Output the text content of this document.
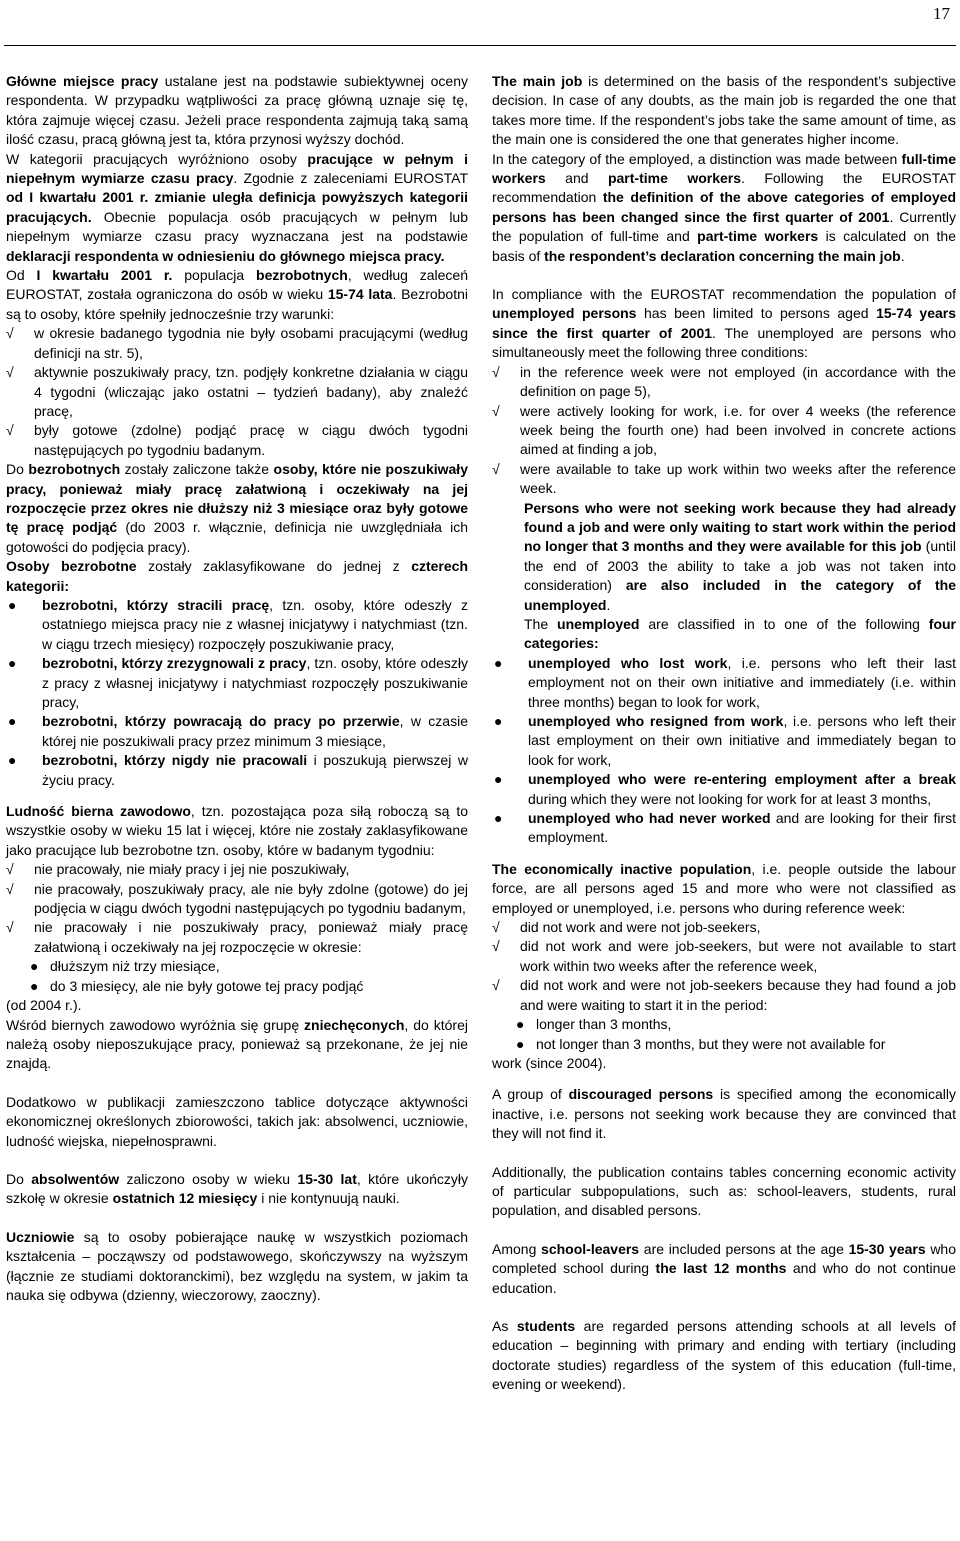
17

Główne miejsce pracy ustalane jest na podstawie subiektywnej oceny respondenta. W przypadku wątpliwości za pracę główną uznaje się tę, która zajmuje więcej czasu. Jeżeli prace respondenta zajmują taką samą ilość czasu, pracą główną jest ta, która przynosi wyższy dochód.

W kategorii pracujących wyróżniono osoby pracujące w pełnym i niepełnym wymiarze czasu pracy. Zgodnie z zaleceniami EUROSTAT od I kwartału 2001 r. zmianie uległa definicja powyższych kategorii pracujących. Obecnie populacja osób pracujących w pełnym lub niepełnym wymiarze czasu pracy wyznaczana jest na podstawie deklaracji respondenta w odniesieniu do głównego miejsca pracy.

Od I kwartału 2001 r. populacja bezrobotnych, według zaleceń EUROSTAT, została ograniczona do osób w wieku 15-74 lata. Bezrobotni są to osoby, które spełniły jednocześnie trzy warunki:

√	w okresie badanego tygodnia nie były osobami pracującymi (według definicji na str. 5),
√	aktywnie poszukiwały pracy, tzn. podjęły konkretne działania w ciągu 4 tygodni (wliczając jako ostatni – tydzień badany), aby znaleźć pracę,
√	były gotowe (zdolne) podjąć pracę w ciągu dwóch tygodni następujących po tygodniu badanym.

Do bezrobotnych zostały zaliczone także osoby, które nie poszukiwały pracy, ponieważ miały pracę załatwioną i oczekiwały na jej rozpoczęcie przez okres nie dłuższy niż 3 miesiące oraz były gotowe tę pracę podjąć (do 2003 r. włącznie, definicja nie uwzględniała ich gotowości do podjęcia pracy).

Osoby bezrobotne zostały zaklasyfikowane do jednej z czterech kategorii:

● bezrobotni, którzy stracili pracę, tzn. osoby, które odeszły z ostatniego miejsca pracy nie z własnej inicjatywy i natychmiast (tzn. w ciągu trzech miesięcy) rozpoczęły poszukiwanie pracy,
● bezrobotni, którzy zrezygnowali z pracy, tzn. osoby, które odeszły z pracy z własnej inicjatywy i natychmiast rozpoczęły poszukiwanie pracy,
● bezrobotni, którzy powracają do pracy po przerwie, w czasie której nie poszukiwali pracy przez minimum 3 miesiące,
● bezrobotni, którzy nigdy nie pracowali i poszukują pierwszej w życiu pracy.

Ludność bierna zawodowo, tzn. pozostająca poza siłą roboczą są to wszystkie osoby w wieku 15 lat i więcej, które nie zostały zaklasyfikowane jako pracujące lub bezrobotne tzn. osoby, które w badanym tygodniu:

√	nie pracowały, nie miały pracy i jej nie poszukiwały,
√	nie pracowały, poszukiwały pracy, ale nie były zdolne (gotowe) do jej podjęcia w ciągu dwóch tygodni następujących po tygodniu badanym,
√	nie pracowały i nie poszukiwały pracy, ponieważ miały pracę załatwioną i oczekiwały na jej rozpoczęcie w okresie:
● dłuższym niż trzy miesiące,
● do 3 miesięcy, ale nie były gotowe tej pracy podjąć

(od 2004 r.).

Wśród biernych zawodowo wyróżnia się grupę zniechęconych, do której należą osoby nieposzukujące pracy, ponieważ są przekonane, że jej nie znajdą.

Dodatkowo w publikacji zamieszczono tablice dotyczące aktywności ekonomicznej określonych zbiorowości, takich jak: absolwenci, uczniowie, ludność wiejska, niepełnosprawni.

Do absolwentów zaliczono osoby w wieku 15-30 lat, które ukończyły szkołę w okresie ostatnich 12 miesięcy i nie kontynuują nauki.

Uczniowie są to osoby pobierające naukę w wszystkich poziomach kształcenia – począwszy od podstawowego, skończywszy na wyższym (łącznie ze studiami doktoranckimi), bez względu na system, w jakim ta nauka się odbywa (dzienny, wieczorowy, zaoczny).

The main job is determined on the basis of the respondent’s subjective decision. In case of any doubts, as the main job is regarded the one that takes more time. If the respondent’s jobs take the same amount of time, as the main one is considered the one that generates higher income.

In the category of the employed, a distinction was made between full-time workers and part-time workers. Following the EUROSTAT recommendation the definition of the above categories of employed persons has been changed since the first quarter of 2001. Currently the population of full-time and part-time workers is calculated on the basis of the respondent’s declaration concerning the main job.

In compliance with the EUROSTAT recommendation the population of unemployed persons has been limited to persons aged 15-74 years since the first quarter of 2001. The unemployed are persons who simultaneously meet the following three conditions:

√	in the reference week were not employed (in accordance with the definition on page 5),
√	were actively looking for work, i.e. for over 4 weeks (the reference week being the fourth one) had been involved in concrete actions aimed at finding a job,
√	were available to take up work within two weeks after the reference week.

Persons who were not seeking work because they had already found a job and were only waiting to start work within the period no longer that 3 months and they were available for this job (until the end of 2003 the ability to take a job was not taken into consideration) are also included in the category of the unemployed.

The unemployed are classified in to one of the following four categories:

● unemployed who lost work, i.e. persons who left their last employment not on their own initiative and immediately (i.e. within three months) began to look for work,
● unemployed who resigned from work, i.e. persons who left their last employment on their own initiative and immediately began to look for work,
● unemployed who were re-entering employment after a break during which they were not looking for work for at least 3 months,
● unemployed who had never worked and are looking for their first employment.

The economically inactive population, i.e. people outside the labour force, are all persons aged 15 and more who were not classified as employed or unemployed, i.e. persons who during reference week:

√	did not work and were not job-seekers,
√	did not work and were job-seekers, but were not available to start work within two weeks after the reference week,
√	did not work and were not job-seekers because they had found a job and were waiting to start it in the period:
● longer than 3 months,
● not longer than 3 months, but they were not available for

work (since 2004).

A group of discouraged persons is specified among the economically inactive, i.e. persons not seeking work because they are convinced that they will not find it.

Additionally, the publication contains tables concerning economic activity of particular subpopulations, such as: school-leavers, students, rural population, and disabled persons.

Among school-leavers are included persons at the age 15-30 years who completed school during the last 12 months and who do not continue education.

As students are regarded persons attending schools at all levels of education – beginning with primary and ending with tertiary (including doctorate studies) regardless of the system of this education (full-time, evening or weekend).
